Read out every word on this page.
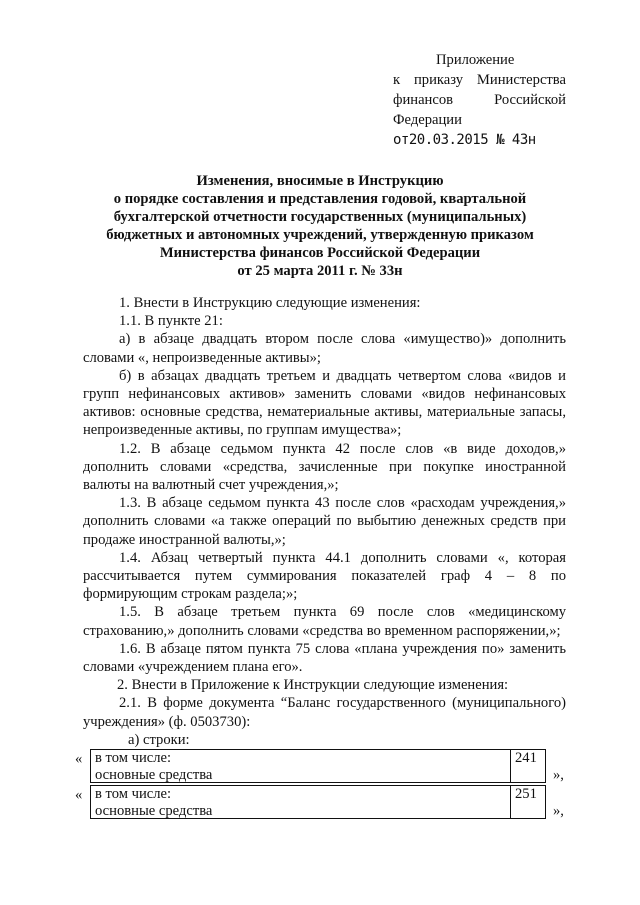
Приложение
к приказу Министерства
финансов Российской
Федерации
от20.03.2015 № 43н
Изменения, вносимые в Инструкцию
о порядке составления и представления годовой, квартальной
бухгалтерской отчетности государственных (муниципальных)
бюджетных и автономных учреждений, утвержденную приказом
Министерства финансов Российской Федерации
от 25 марта 2011 г. № 33н

1. Внести в Инструкцию следующие изменения:

1.1. В пункте 21:

а) в абзаце двадцать втором после слова «имущество)» дополнить словами «, непроизведенные активы»;

б) в абзацах двадцать третьем и двадцать четвертом слова «видов и групп нефинансовых активов» заменить словами «видов нефинансовых активов: основные средства, нематериальные активы, материальные запасы, непроизведенные активы, по группам имущества»;

1.2. В абзаце седьмом пункта 42 после слов «в виде доходов,» дополнить словами «средства, зачисленные при покупке иностранной валюты на валютный счет учреждения,»;

1.3. В абзаце седьмом пункта 43 после слов «расходам учреждения,» дополнить словами «а также операций по выбытию денежных средств при продаже иностранной валюты,»;

1.4. Абзац четвертый пункта 44.1 дополнить словами «, которая рассчитывается путем суммирования показателей граф 4 – 8 по формирующим строкам раздела;»;

1.5. В абзаце третьем пункта 69 после слов «медицинскому страхованию,» дополнить словами «средства во временном распоряжении,»;

1.6. В абзаце пятом пункта 75 слова «плана учреждения по» заменить словами «учреждением плана его».

2. Внести в Приложение к Инструкции следующие изменения:

2.1. В форме документа “Баланс государственного (муниципального) учреждения» (ф. 0503730):

а) строки:

« в том числе:
основные средства
241
»,
« в том числе:
основные средства
251
»,
